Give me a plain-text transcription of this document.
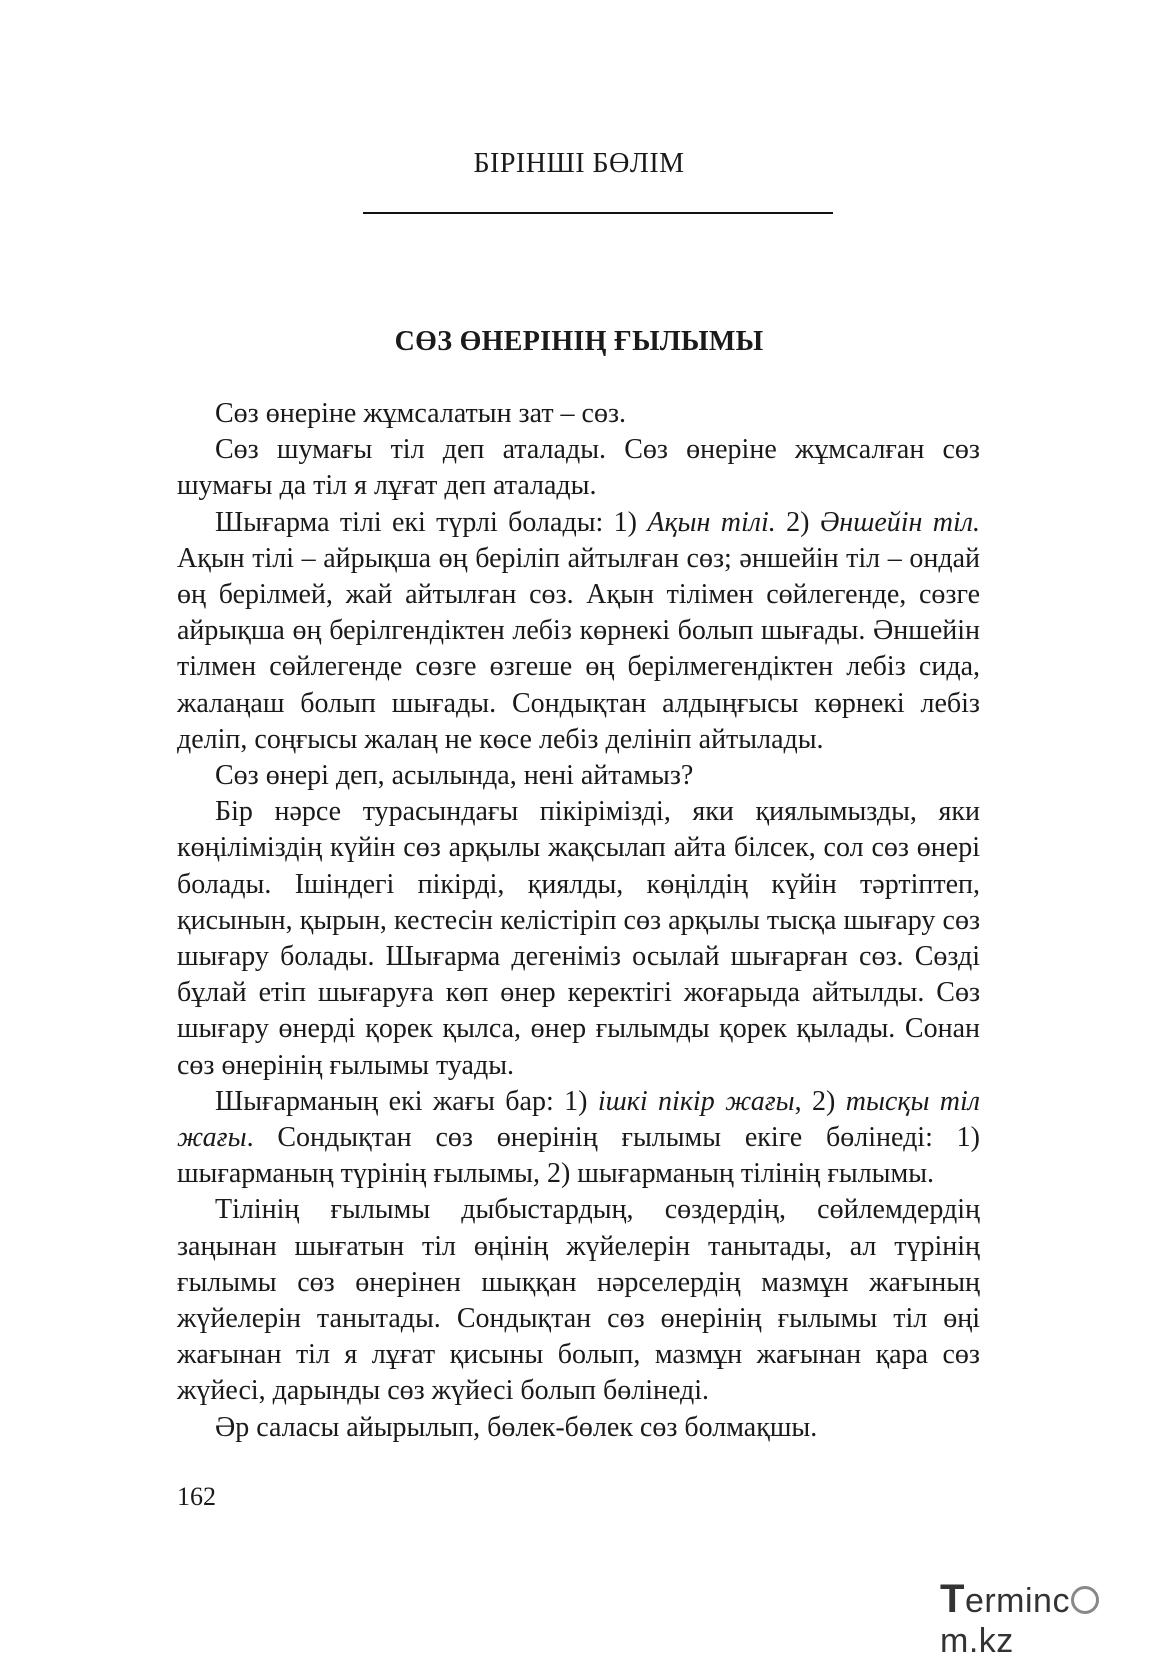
БІРІНШІ БӨЛІМ
СӨЗ ӨНЕРІНІҢ ҒЫЛЫМЫ

Сөз өнеріне жұмсалатын зат – сөз.

Сөз шумағы тіл деп аталады. Сөз өнеріне жұмсалған сөз шумағы да тіл я лұғат деп аталады.

Шығарма тілі екі түрлі болады: 1) Ақын тілі. 2) Әншейін тіл. Ақын тілі – айрықша өң беріліп айтылған сөз; әншейін тіл – ондай өң берілмей, жай айтылған сөз. Ақын тілімен сөйлегенде, сөзге айрықша өң берілгендіктен лебіз көрнекі болып шығады. Әншейін тілмен сөйлегенде сөзге өзгеше өң берілмегендіктен лебіз сида, жалаңаш болып шығады. Сондықтан алдыңғысы көрнекі лебіз деліп, соңғысы жалаң не көсе лебіз делініп айтылады.

Сөз өнері деп, асылында, нені айтамыз?

Бір нәрсе турасындағы пікірімізді, яки қиялымызды, яки көңіліміздің күйін сөз арқылы жақсылап айта білсек, сол сөз өнері болады. Ішіндегі пікірді, қиялды, көңілдің күйін тәртіптеп, қисынын, қырын, кестесін келістіріп сөз арқылы тысқа шығару сөз шығару болады. Шығарма дегеніміз осылай шығарған сөз. Сөзді бұлай етіп шығаруға көп өнер керектігі жоғарыда айтылды. Сөз шығару өнерді қорек қылса, өнер ғылымды қорек қылады. Сонан сөз өнерінің ғылымы туады.

Шығарманың екі жағы бар: 1) ішкі пікір жағы, 2) тысқы тіл жағы. Сондықтан сөз өнерінің ғылымы екіге бөлінеді: 1) шығарманың түрінің ғылымы, 2) шығарманың тілінің ғылымы.

Тілінің ғылымы дыбыстардың, сөздердің, сөйлемдердің заңынан шығатын тіл өңінің жүйелерін танытады, ал түрінің ғылымы сөз өнерінен шыққан нәрселердің мазмұн жағының жүйелерін танытады. Сондықтан сөз өнерінің ғылымы тіл өңі жағынан тіл я лұғат қисыны болып, мазмұн жағынан қара сөз жүйесі, дарынды сөз жүйесі болып бөлінеді.

Әр саласы айырылып, бөлек-бөлек сөз болмақшы.

162
Termincm.kz
